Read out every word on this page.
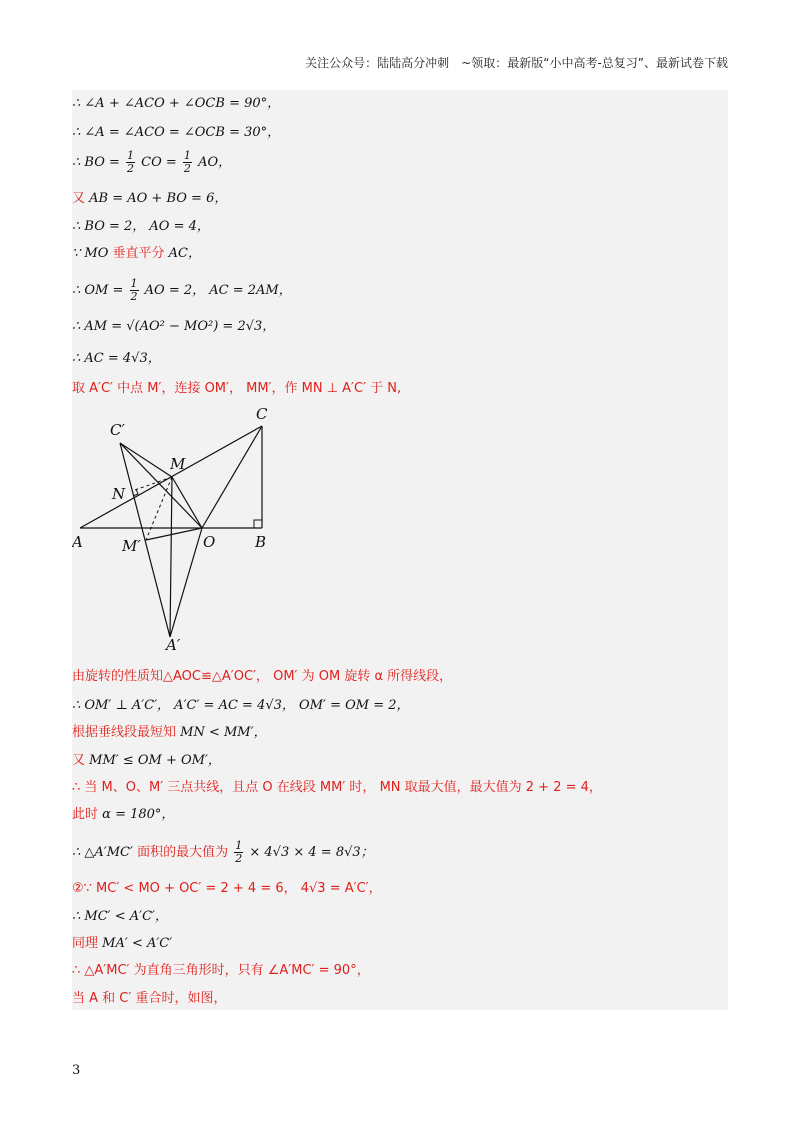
关注公众号：陆陆高分冲刺　~领取：最新版“小中高考-总复习”、最新试卷下载
∴ ∠A + ∠ACO + ∠OCB = 90°，
∴ ∠A = ∠ACO = ∠OCB = 30°，
∴ BO = $\frac{1}{2}$ CO = $\frac{1}{2}$ AO，
又 AB = AO + BO = 6，
∴ BO = 2， AO = 4，
∵ MO 垂直平分 AC，
∴ OM = $\frac{1}{2}$ AO = 2， AC = 2AM，
∴ AM = √(AO² − MO²) = 2√3，
∴ AC = 4√3，
取 A′C′ 中点 M′，连接 OM′， MM′，作 MN ⊥ A′C′ 于 N,
C′
C
M
N
A	M′	O	B
A′
由旋转的性质知△AOC≌△A′OC′， OM′ 为 OM 旋转 α 所得线段，
∴ OM′ ⊥ A′C′， A′C′ = AC = 4√3， OM′ = OM = 2，
根据垂线段最短知 MN < MM′，
又 MM′ ≤ OM + OM′，
∴ 当 M、O、M′ 三点共线，且点 O 在线段 MM′ 时， MN 取最大值，最大值为 2 + 2 = 4，
此时 α = 180°，
∴ △A′MC′ 面积的最大值为 $\frac{1}{2} \times 4√3 \times 4 = 8√3$；
②∵ MC′ < MO + OC′ = 2 + 4 = 6， 4√3 = A′C′，
∴ MC′ < A′C′，
同理 MA′ < A′C′
∴ △A′MC′ 为直角三角形时，只有 ∠A′MC′ = 90°，
当 A 和 C′ 重合时，如图，
3
